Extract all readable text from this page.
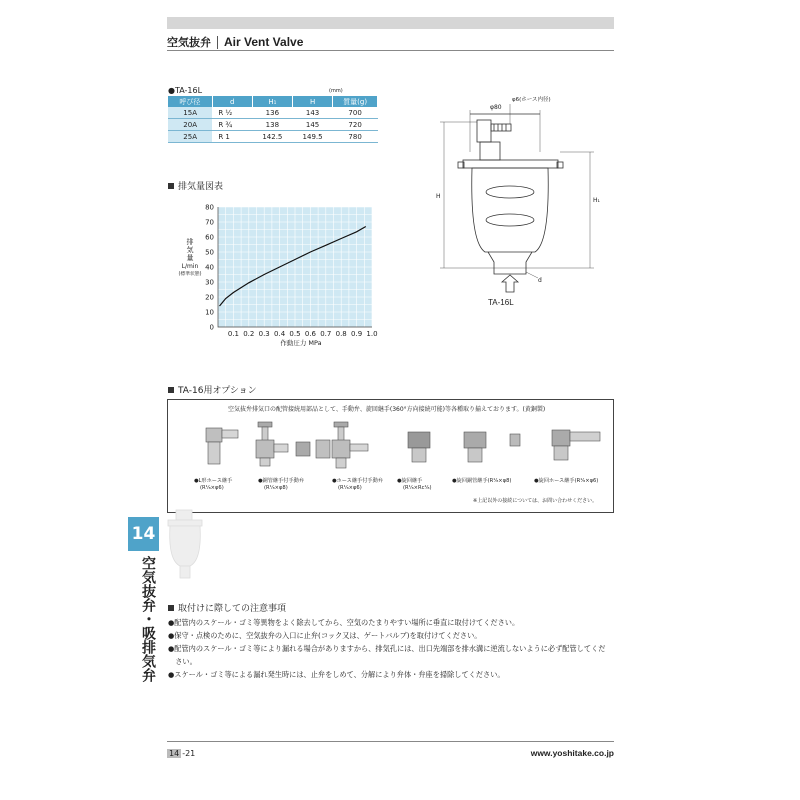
空気抜弁 Air Vent Valve
●TA-16L	(mm)
呼び径	d	H₁	H	質量(g)
15A	R ½	136	143	700
20A	R ¾	138	145	720
25A	R 1	142.5	149.5	780
φ80
φ6(ホース内径)
H
H₁
d
TA-16L
排気量図表
0
10
20
30
40
50
60
70
80
0.1 0.2 0.3 0.4 0.5 0.6 0.7 0.8 0.9 1.0
排
気
量
L/min
(標準状態)
作動圧力 MPa
TA-16用オプション
空気抜弁排気口の配管接続用部品として、手動弁、旋回継手(360°方向接続可能)等各種取り揃えております。(黄銅製)
●L形ホース継手
(R¹⁄₈×φ6)
●銅管継手付手動弁
(R¹⁄₈×φ8)
●ホース継手付手動弁
(R¹⁄₈×φ6)
●旋回継手
(R¹⁄₈×Rc¹⁄₈)
●旋回銅管継手(R¹⁄₈×φ8)	●旋回ホース継手(R¹⁄₈×φ6)
※上記以外の接続については、お問い合わせください。
14
空気抜弁・吸排気弁 取付けに際しての注意事項
●配管内のスケール・ゴミ等異物をよく除去してから、空気のたまりやすい場所に垂直に取付けてください。
●保守・点検のために、空気抜弁の入口に止弁(コック又は、ゲートバルブ)を取付けてください。
●配管内のスケール・ゴミ等により漏れる場合がありますから、排気孔には、出口先端部を排水溝に逆流しないように必ず配管してくだ
　さい。
●スケール・ゴミ等による漏れ発生時には、止弁をしめて、分解により弁体・弁座を掃除してください。
14 -21	www.yoshitake.co.jp
